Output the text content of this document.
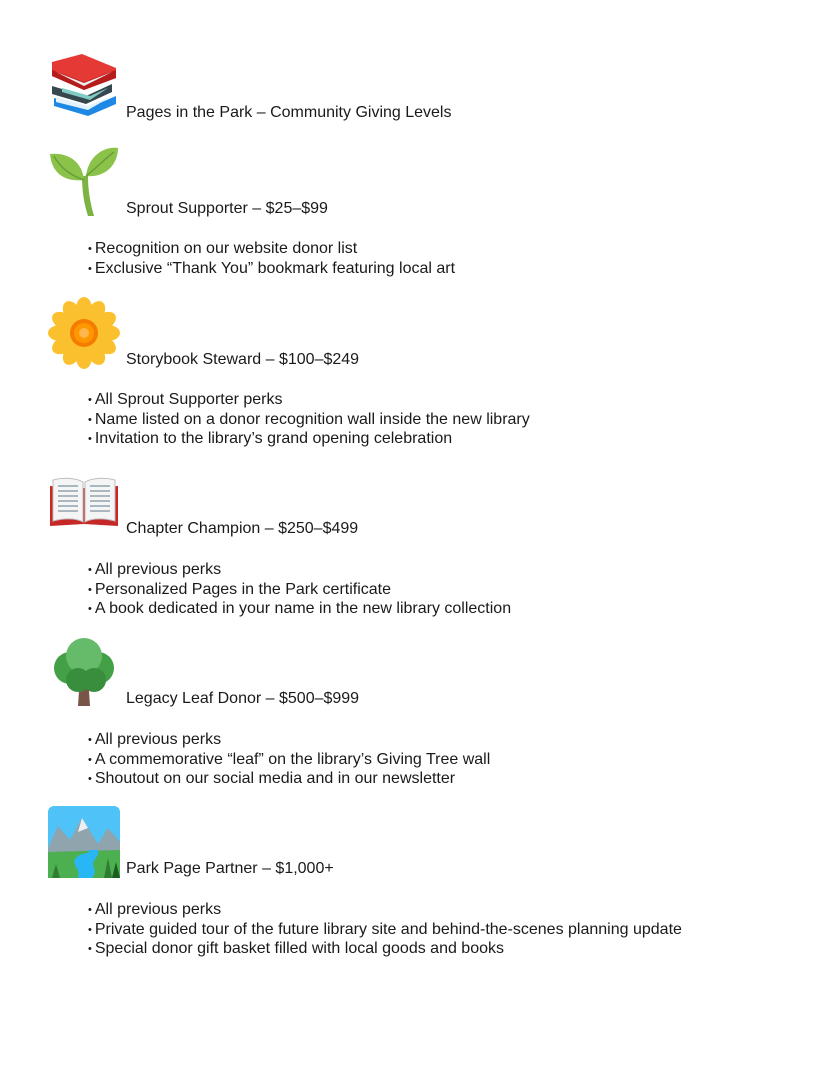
Pages in the Park – Community Giving Levels
Sprout Supporter – $25–$99
• Recognition on our website donor list
• Exclusive “Thank You” bookmark featuring local art
Storybook Steward – $100–$249
• All Sprout Supporter perks
• Name listed on a donor recognition wall inside the new library
• Invitation to the library’s grand opening celebration
Chapter Champion – $250–$499
• All previous perks
• Personalized Pages in the Park certificate
• A book dedicated in your name in the new library collection
Legacy Leaf Donor – $500–$999
• All previous perks
• A commemorative “leaf” on the library’s Giving Tree wall
• Shoutout on our social media and in our newsletter
Park Page Partner – $1,000+
• All previous perks
• Private guided tour of the future library site and behind-the-scenes planning update
• Special donor gift basket filled with local goods and books
